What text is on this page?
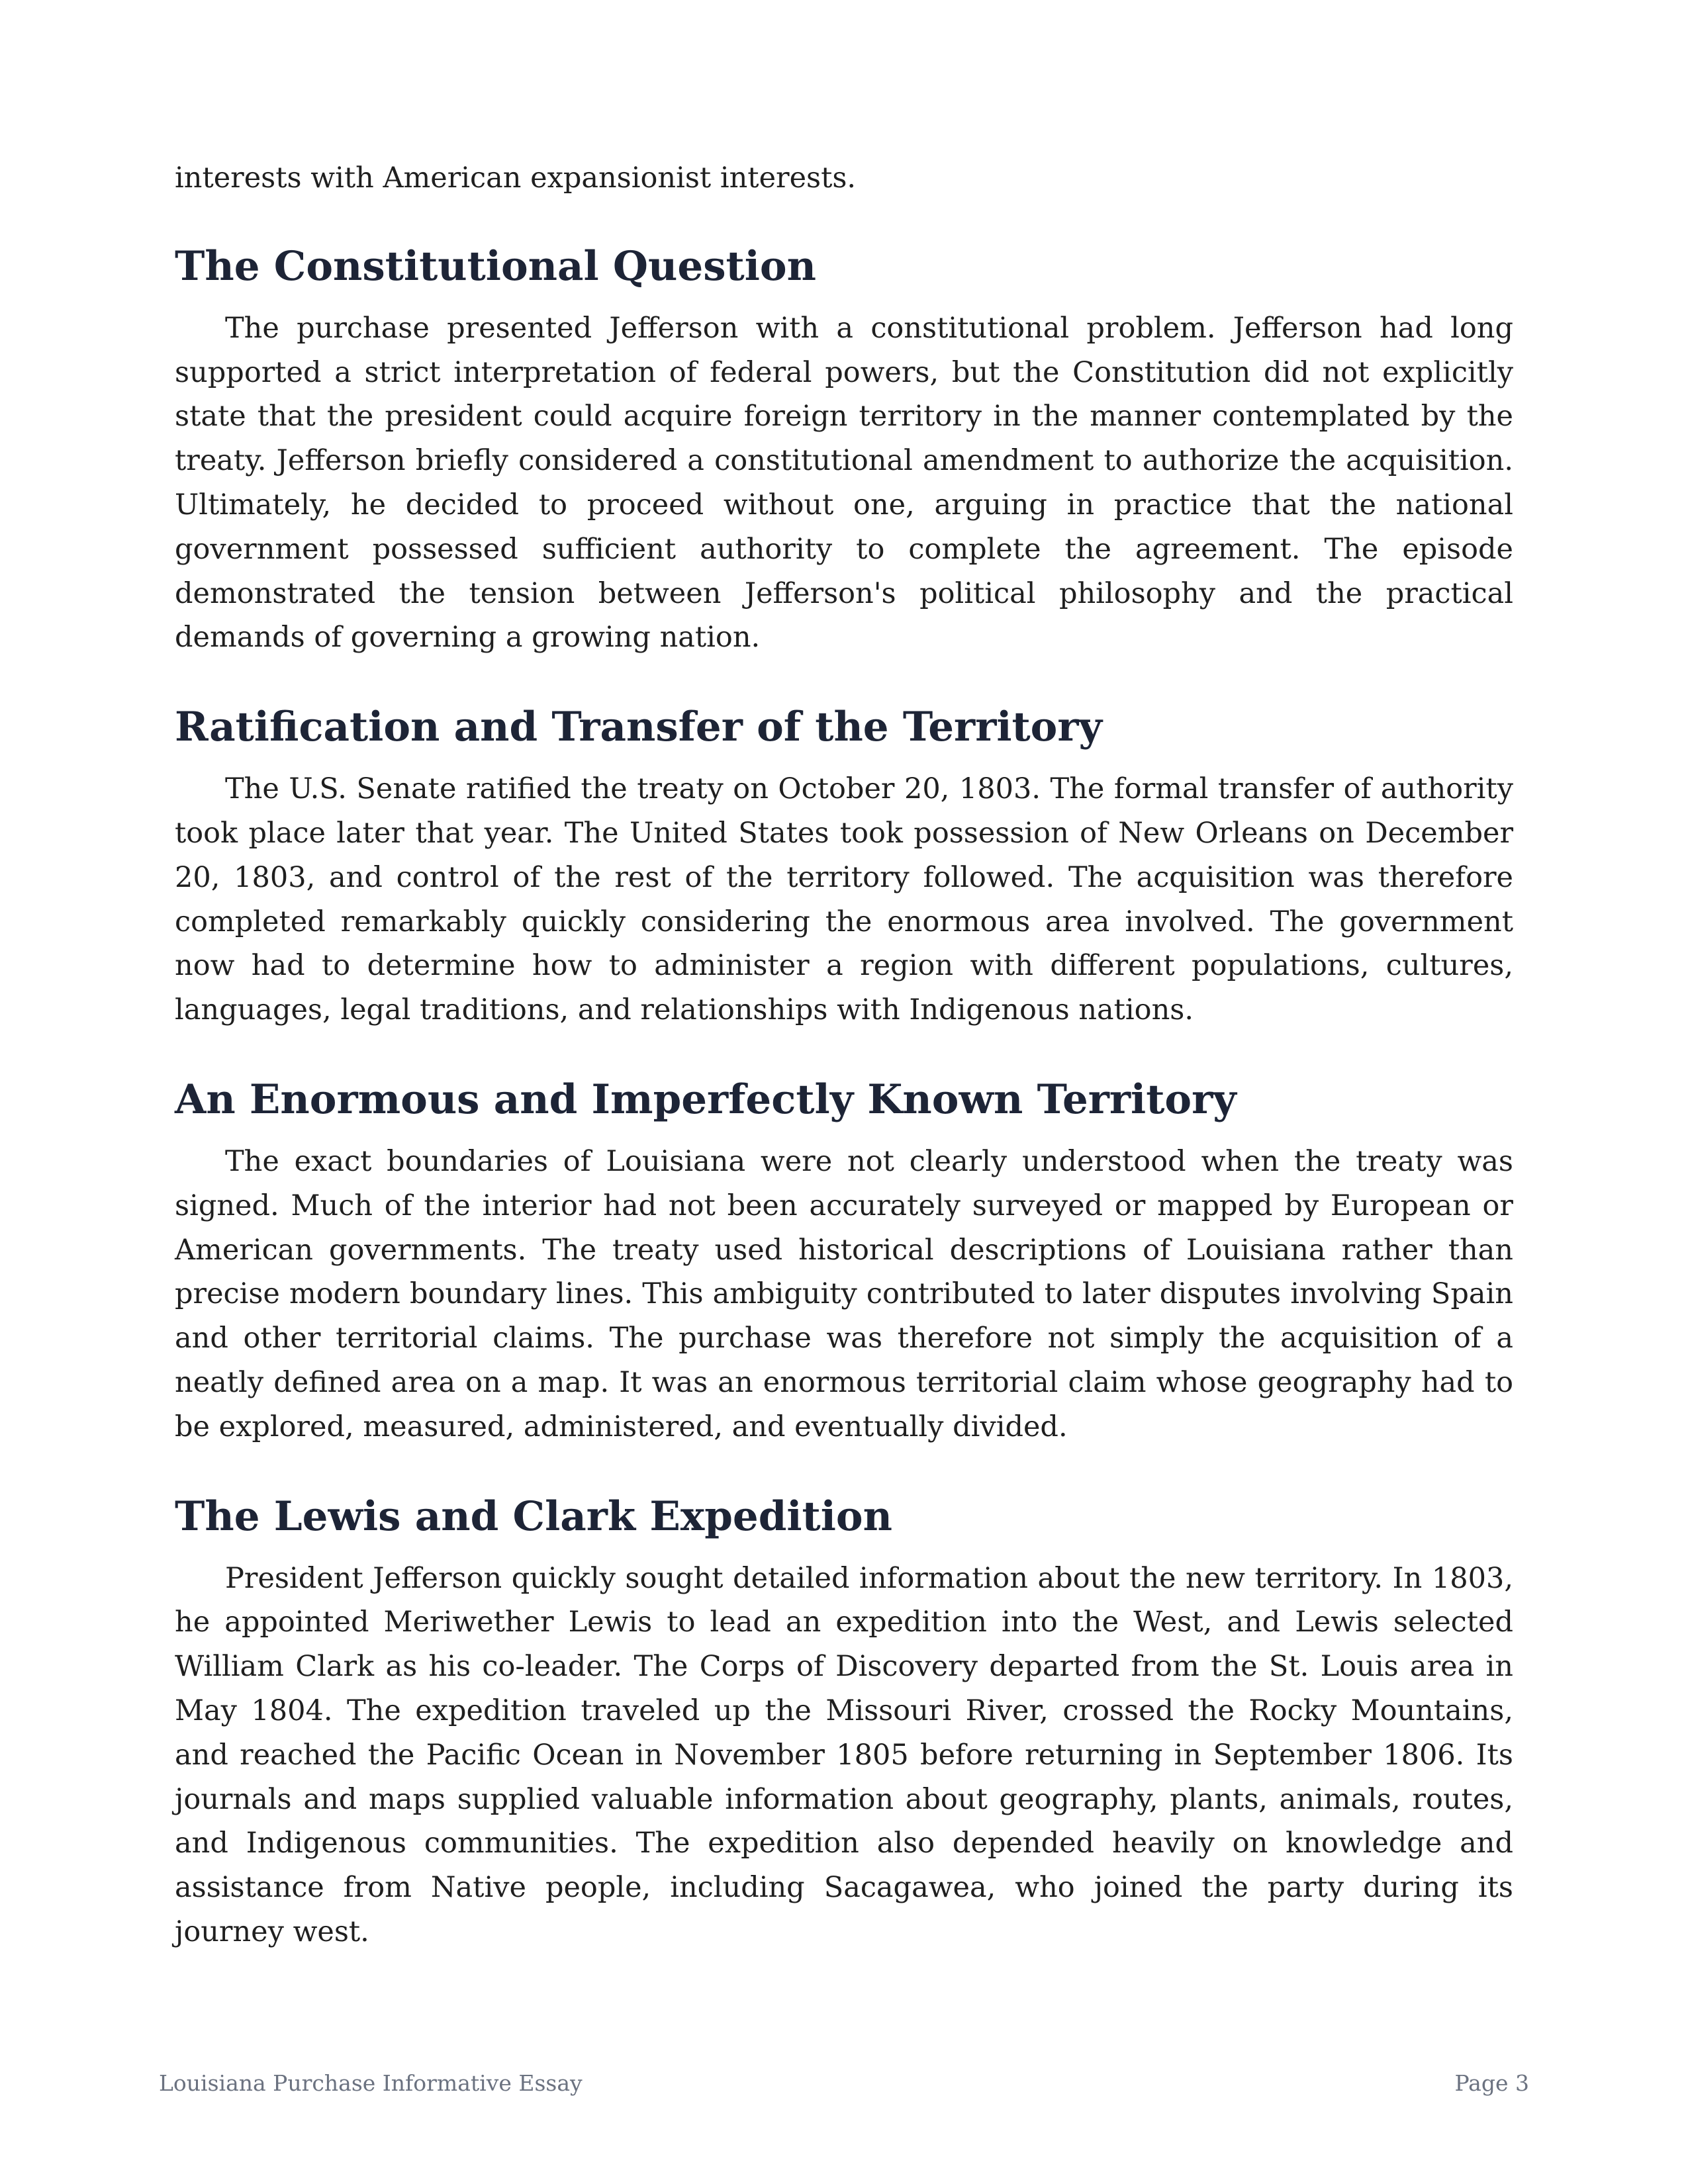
interests with American expansionist interests.

The Constitutional Question

The purchase presented Jefferson with a constitutional problem. Jefferson had long supported a strict interpretation of federal powers, but the Constitution did not explicitly state that the president could acquire foreign territory in the manner contemplated by the treaty. Jefferson briefly considered a constitutional amendment to authorize the acquisition. Ultimately, he decided to proceed without one, arguing in practice that the national government possessed sufficient authority to complete the agreement. The episode demonstrated the tension between Jefferson's political philosophy and the practical demands of governing a growing nation.

Ratification and Transfer of the Territory

The U.S. Senate ratified the treaty on October 20, 1803. The formal transfer of authority took place later that year. The United States took possession of New Orleans on December 20, 1803, and control of the rest of the territory followed. The acquisition was therefore completed remarkably quickly considering the enormous area involved. The government now had to determine how to administer a region with different populations, cultures, languages, legal traditions, and relationships with Indigenous nations.

An Enormous and Imperfectly Known Territory

The exact boundaries of Louisiana were not clearly understood when the treaty was signed. Much of the interior had not been accurately surveyed or mapped by European or American governments. The treaty used historical descriptions of Louisiana rather than precise modern boundary lines. This ambiguity contributed to later disputes involving Spain and other territorial claims. The purchase was therefore not simply the acquisition of a neatly defined area on a map. It was an enormous territorial claim whose geography had to be explored, measured, administered, and eventually divided.

The Lewis and Clark Expedition

President Jefferson quickly sought detailed information about the new territory. In 1803, he appointed Meriwether Lewis to lead an expedition into the West, and Lewis selected William Clark as his co-leader. The Corps of Discovery departed from the St. Louis area in May 1804. The expedition traveled up the Missouri River, crossed the Rocky Mountains, and reached the Pacific Ocean in November 1805 before returning in September 1806. Its journals and maps supplied valuable information about geography, plants, animals, routes, and Indigenous communities. The expedition also depended heavily on knowledge and assistance from Native people, including Sacagawea, who joined the party during its journey west.

Louisiana Purchase Informative Essay	Page 3
